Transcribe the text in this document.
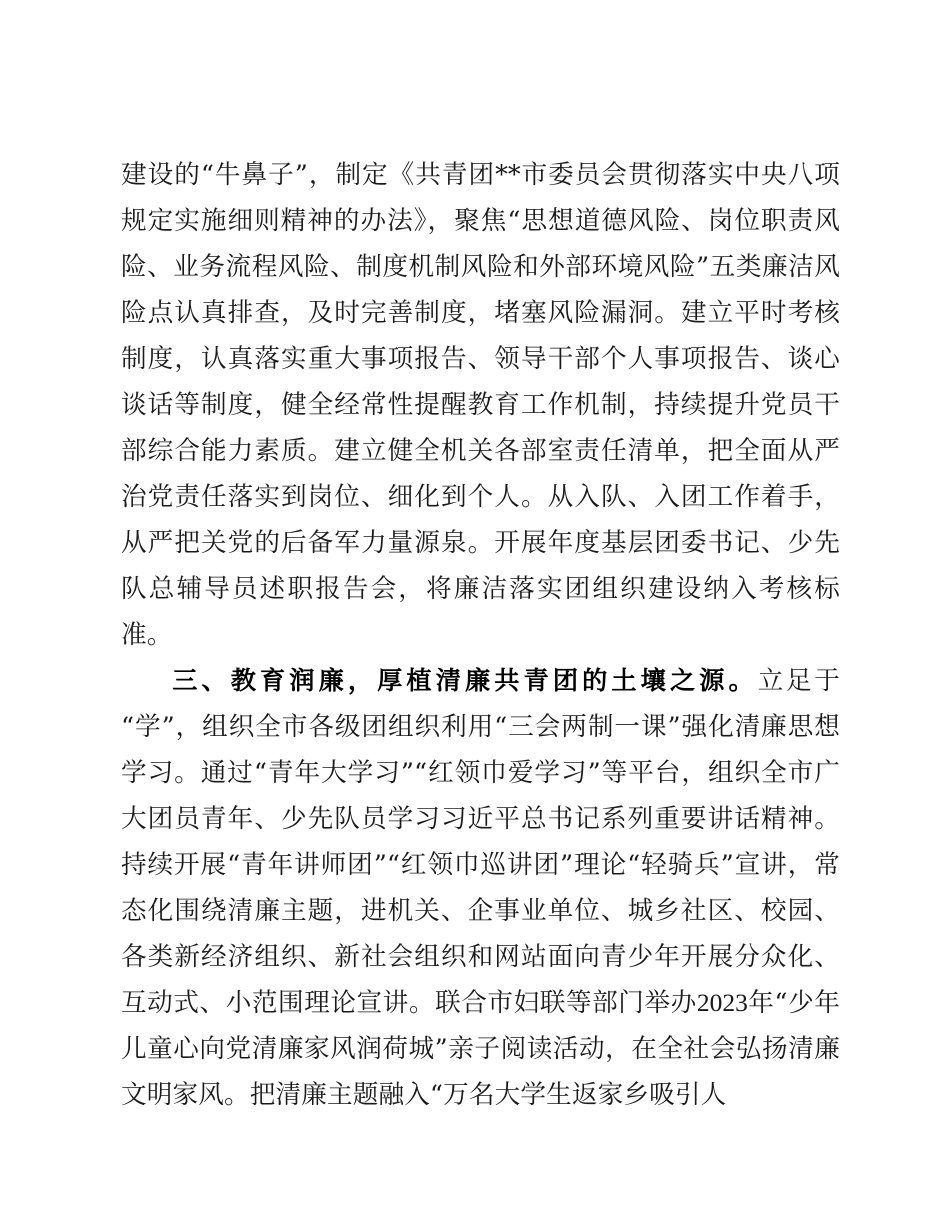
建设的“牛鼻子”，制定《共青团**市委员会贯彻落实中央八项规定实施细则精神的办法》，聚焦“思想道德风险、岗位职责风险、业务流程风险、制度机制风险和外部环境风险”五类廉洁风险点认真排查，及时完善制度，堵塞风险漏洞。建立平时考核制度，认真落实重大事项报告、领导干部个人事项报告、谈心谈话等制度，健全经常性提醒教育工作机制，持续提升党员干部综合能力素质。建立健全机关各部室责任清单，把全面从严治党责任落实到岗位、细化到个人。从入队、入团工作着手，从严把关党的后备军力量源泉。开展年度基层团委书记、少先队总辅导员述职报告会，将廉洁落实团组织建设纳入考核标准。

三、教育润廉，厚植清廉共青团的土壤之源。立足于“学”，组织全市各级团组织利用“三会两制一课”强化清廉思想学习。通过“青年大学习”“红领巾爱学习”等平台，组织全市广大团员青年、少先队员学习习近平总书记系列重要讲话精神。持续开展“青年讲师团”“红领巾巡讲团”理论“轻骑兵”宣讲，常态化围绕清廉主题，进机关、企事业单位、城乡社区、校园、各类新经济组织、新社会组织和网站面向青少年开展分众化、互动式、小范围理论宣讲。联合市妇联等部门举办2023年“少年儿童心向党清廉家风润荷城”亲子阅读活动，在全社会弘扬清廉文明家风。把清廉主题融入“万名大学生返家乡吸引人
